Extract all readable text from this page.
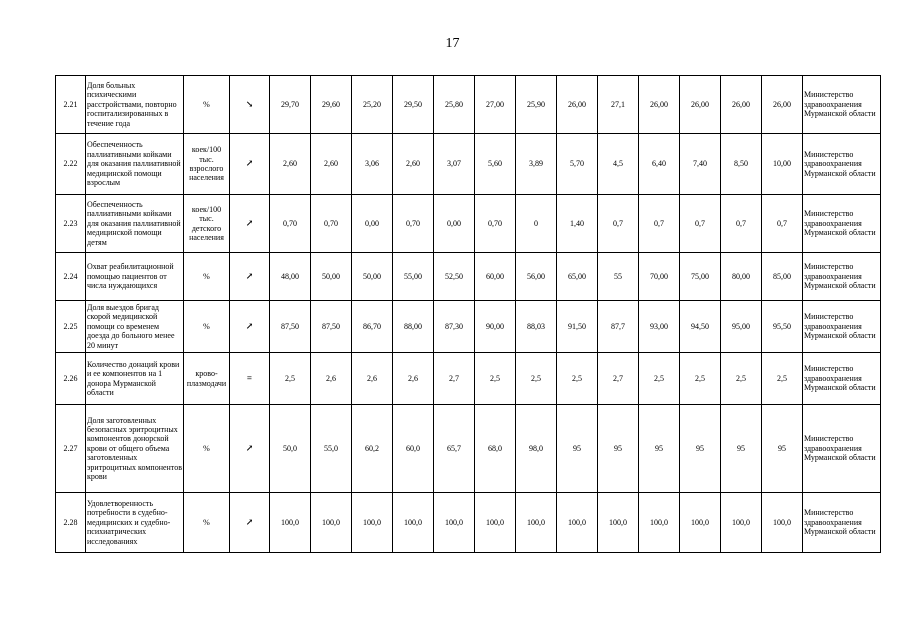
17
2.21	Доля больных психическими расстройствами, повторно госпитализированных в течение года	%	↘	29,70	29,60	25,20	29,50	25,80	27,00	25,90	26,00	27,1	26,00	26,00	26,00	26,00	Министерство здравоохранения Мурманской области
2.22	Обеспеченность паллиативными койками для оказания паллиативной медицинской помощи взрослым	коек/100 тыс. взрослого населения	↗	2,60	2,60	3,06	2,60	3,07	5,60	3,89	5,70	4,5	6,40	7,40	8,50	10,00	Министерство здравоохранения Мурманской области
2.23	Обеспеченность паллиативными койками для оказания паллиативной медицинской помощи детям	коек/100 тыс. детского населения	↗	0,70	0,70	0,00	0,70	0,00	0,70	0	1,40	0,7	0,7	0,7	0,7	0,7	Министерство здравоохранения Мурманской области
2.24	Охват реабилитационной помощью пациентов от числа нуждающихся	%	↗	48,00	50,00	50,00	55,00	52,50	60,00	56,00	65,00	55	70,00	75,00	80,00	85,00	Министерство здравоохранения Мурманской области
2.25	Доля выездов бригад скорой медицинской помощи со временем доезда до больного менее 20 минут	%	↗	87,50	87,50	86,70	88,00	87,30	90,00	88,03	91,50	87,7	93,00	94,50	95,00	95,50	Министерство здравоохранения Мурманской области
2.26	Количество донаций крови и ее компонентов на 1 донора Мурманской области	крово-плазмодачи	=	2,5	2,6	2,6	2,6	2,7	2,5	2,5	2,5	2,7	2,5	2,5	2,5	2,5	Министерство здравоохранения Мурманской области
2.27	Доля заготовленных безопасных эритроцитных компонентов донорской крови от общего объема заготовленных эритроцитных компонентов крови	%	↗	50,0	55,0	60,2	60,0	65,7	68,0	98,0	95	95	95	95	95	95	Министерство здравоохранения Мурманской области
2.28	Удовлетворенность потребности в судебно-медицинских и судебно-психиатрических исследованиях	%	↗	100,0	100,0	100,0	100,0	100,0	100,0	100,0	100,0	100,0	100,0	100,0	100,0	100,0	Министерство здравоохранения Мурманской области
